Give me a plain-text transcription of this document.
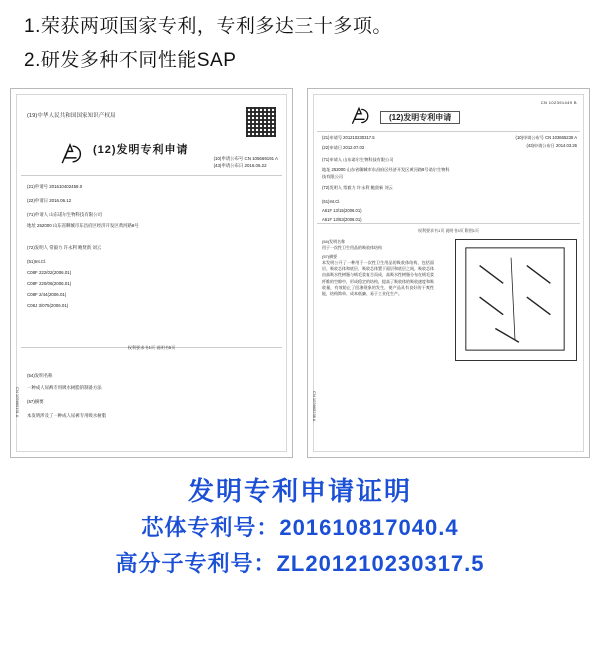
1.荣获两项国家专利，专利多达三十多项。
2.研发多种不同性能SAP
(19)中华人民共和国国家知识产权局
(12)发明专利申请
(10)申请公布号 CN 105669191 A
(43)申请公布日 2016.06.22
(21)申请号 201610402458.0
(22)申请日 2016.06.12
(71)申请人 山东诺尔生物科技有限公司
地址 252000 山东省聊城市东昌府区经济开发区黄河路8号
(72)发明人 常毅力 许永利 鲍贤新 刘云
(51)Int.Cl.
C08F 222/02(2006.01)
C08F 220/06(2006.01)
C08F 2/44(2006.01)
C08J 3/075(2006.01)
权利要求书1页 说明书5页
(54)发明名称
一种成人尿裤专用吸水树脂的制备方法
(57)摘要
本发明涉及了一种成人尿裤专用吸水树脂
CN 105669191 A
CN 102391449 B
(12)发明专利申请
(10)申请公布号 CN 103665238 A
(43)申请公布日 2014.03.26
(21)申请号 201210230317.5
(22)申请日 2012.07.03
(71)申请人 山东诺尔生物科技有限公司
地址 252000 山东省聊城市东昌府区经济开发区黄河路8号诺尔生物科技有限公司
(72)发明人 常毅力 许永利 鲍贤新 刘云
(51)Int.Cl.
A61F 13/15(2006.01)
A61F 13/53(2006.01)
权利要求书1页 说明书3页 附图1页
(54)发明名称
用于一次性卫生用品的吸收体结构
(57)摘要
本发明公开了一种用于一次性卫生用品的吸收体结构，包括面层、吸收芯体和底层，吸收芯体置于面层和底层之间，吸收芯体由高吸水性树脂与绒毛浆复合而成，高吸水性树脂分布在绒毛浆纤维的空隙中，形成稳定的结构，提高了吸收体的吸收速度和吸收量，有效防止了回渗现象的发生，使产品具有良好的干爽性能，结构简单、成本低廉、易于工业化生产。
CN 103665238 A
发明专利申请证明
芯体专利号：201610817040.4
高分子专利号：ZL201210230317.5
